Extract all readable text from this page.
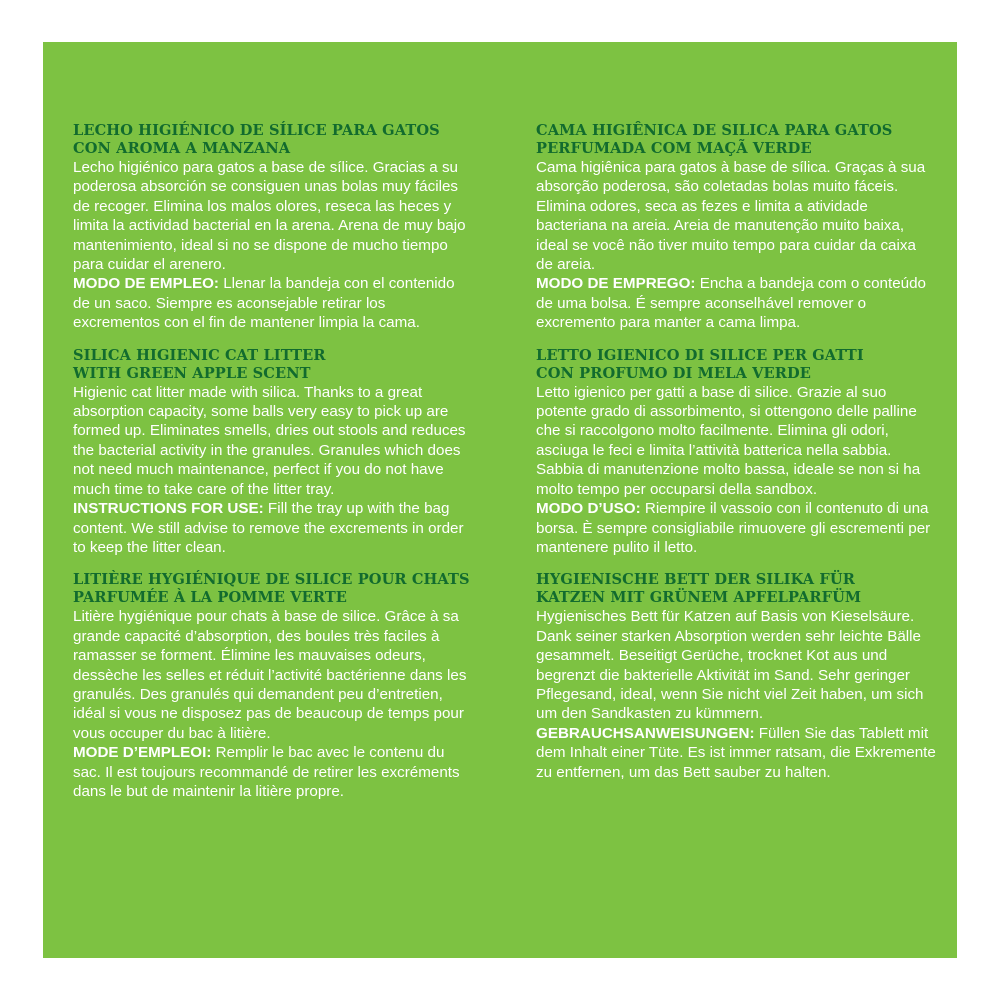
LECHO HIGIÉNICO DE SÍLICE PARA GATOS
CON AROMA A MANZANA
Lecho higiénico para gatos a base de sílice. Gracias a su poderosa absorción se consiguen unas bolas muy fáciles de recoger. Elimina los malos olores, reseca las heces y limita la actividad bacterial en la arena. Arena de muy bajo mantenimiento, ideal si no se dispone de mucho tiempo para cuidar el arenero.
MODO DE EMPLEO: Llenar la bandeja con el contenido de un saco. Siempre es aconsejable retirar los excrementos con el fin de mantener limpia la cama.
SILICA HIGIENIC CAT LITTER
WITH GREEN APPLE SCENT
Higienic cat litter made with silica. Thanks to a great absorption capacity, some balls very easy to pick up are formed up. Eliminates smells, dries out stools and reduces the bacterial activity in the granules. Granules which does not need much maintenance, perfect if you do not have much time to take care of the litter tray.
INSTRUCTIONS FOR USE: Fill the tray up with the bag content. We still advise to remove the excrements in order to keep the litter clean.
LITIÈRE HYGIÉNIQUE DE SILICE POUR CHATS
PARFUMÉE À LA POMME VERTE
Litière hygiénique pour chats à base de silice. Grâce à sa grande capacité d’absorption, des boules très faciles à ramasser se forment. Élimine les mauvaises odeurs, dessèche les selles et réduit l’activité bactérienne dans les granulés. Des granulés qui demandent peu d’entretien, idéal si vous ne disposez pas de beaucoup de temps pour vous occuper du bac à litière.
MODE D’EMPLEOI: Remplir le bac avec le contenu du sac. Il est toujours recommandé de retirer les excréments dans le but de maintenir la litière propre.
CAMA HIGIÊNICA DE SILICA PARA GATOS
PERFUMADA COM MAÇÃ VERDE
Cama higiênica para gatos à base de sílica. Graças à sua absorção poderosa, são coletadas bolas muito fáceis. Elimina odores, seca as fezes e limita a atividade bacteriana na areia. Areia de manutenção muito baixa, ideal se você não tiver muito tempo para cuidar da caixa de areia.
MODO DE EMPREGO: Encha a bandeja com o conteúdo de uma bolsa. É sempre aconselhável remover o excremento para manter a cama limpa.
LETTO IGIENICO DI SILICE PER GATTI
CON PROFUMO DI MELA VERDE
Letto igienico per gatti a base di silice. Grazie al suo potente grado di assorbimento, si ottengono delle palline che si raccolgono molto facilmente. Elimina gli odori, asciuga le feci e limita l’attività batterica nella sabbia. Sabbia di manutenzione molto bassa, ideale se non si ha molto tempo per occuparsi della sandbox.
MODO D’USO: Riempire il vassoio con il contenuto di una borsa. È sempre consigliabile rimuovere gli escrementi per mantenere pulito il letto.
HYGIENISCHE BETT DER SILIKA FÜR
KATZEN MIT GRÜNEM APFELPARFÜM
Hygienisches Bett für Katzen auf Basis von Kieselsäure. Dank seiner starken Absorption werden sehr leichte Bälle gesammelt. Beseitigt Gerüche, trocknet Kot aus und begrenzt die bakterielle Aktivität im Sand. Sehr geringer Pflegesand, ideal, wenn Sie nicht viel Zeit haben, um sich um den Sandkasten zu kümmern.
GEBRAUCHSANWEISUNGEN: Füllen Sie das Tablett mit dem Inhalt einer Tüte. Es ist immer ratsam, die Exkremente zu entfernen, um das Bett sauber zu halten.
